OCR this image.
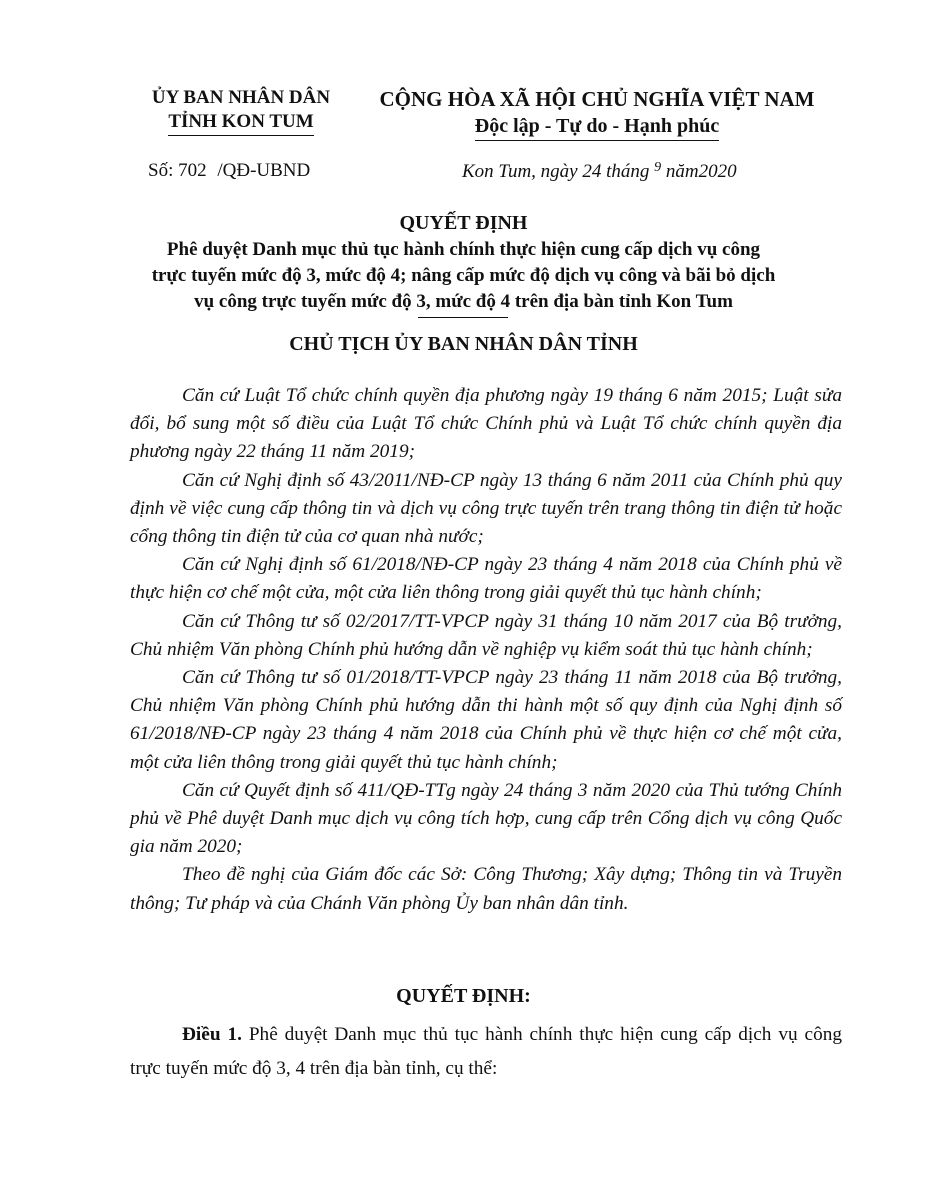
ỦY BAN NHÂN DÂN
TỈNH KON TUM
CỘNG HÒA XÃ HỘI CHỦ NGHĨA VIỆT NAM
Độc lập - Tự do - Hạnh phúc
Số: 702 /QĐ-UBND	Kon Tum, ngày 24 tháng $^9$ năm2020
QUYẾT ĐỊNH
Phê duyệt Danh mục thủ tục hành chính thực hiện cung cấp dịch vụ công
trực tuyến mức độ 3, mức độ 4; nâng cấp mức độ dịch vụ công và bãi bỏ dịch
vụ công trực tuyến mức độ 3, mức độ 4 trên địa bàn tỉnh Kon Tum
CHỦ TỊCH ỦY BAN NHÂN DÂN TỈNH

Căn cứ Luật Tổ chức chính quyền địa phương ngày 19 tháng 6 năm 2015; Luật sửa đổi, bổ sung một số điều của Luật Tổ chức Chính phủ và Luật Tổ chức chính quyền địa phương ngày 22 tháng 11 năm 2019;

Căn cứ Nghị định số 43/2011/NĐ-CP ngày 13 tháng 6 năm 2011 của Chính phủ quy định về việc cung cấp thông tin và dịch vụ công trực tuyến trên trang thông tin điện tử hoặc cổng thông tin điện tử của cơ quan nhà nước;

Căn cứ Nghị định số 61/2018/NĐ-CP ngày 23 tháng 4 năm 2018 của Chính phủ về thực hiện cơ chế một cửa, một cửa liên thông trong giải quyết thủ tục hành chính;

Căn cứ Thông tư số 02/2017/TT-VPCP ngày 31 tháng 10 năm 2017 của Bộ trưởng, Chủ nhiệm Văn phòng Chính phủ hướng dẫn về nghiệp vụ kiểm soát thủ tục hành chính;

Căn cứ Thông tư số 01/2018/TT-VPCP ngày 23 tháng 11 năm 2018 của Bộ trưởng, Chủ nhiệm Văn phòng Chính phủ hướng dẫn thi hành một số quy định của Nghị định số 61/2018/NĐ-CP ngày 23 tháng 4 năm 2018 của Chính phủ về thực hiện cơ chế một cửa, một cửa liên thông trong giải quyết thủ tục hành chính;

Căn cứ Quyết định số 411/QĐ-TTg ngày 24 tháng 3 năm 2020 của Thủ tướng Chính phủ về Phê duyệt Danh mục dịch vụ công tích hợp, cung cấp trên Cổng dịch vụ công Quốc gia năm 2020;

Theo đề nghị của Giám đốc các Sở: Công Thương; Xây dựng; Thông tin và Truyền thông; Tư pháp và của Chánh Văn phòng Ủy ban nhân dân tỉnh.

QUYẾT ĐỊNH:
Điều 1. Phê duyệt Danh mục thủ tục hành chính thực hiện cung cấp dịch vụ công trực tuyến mức độ 3, 4 trên địa bàn tỉnh, cụ thể:
